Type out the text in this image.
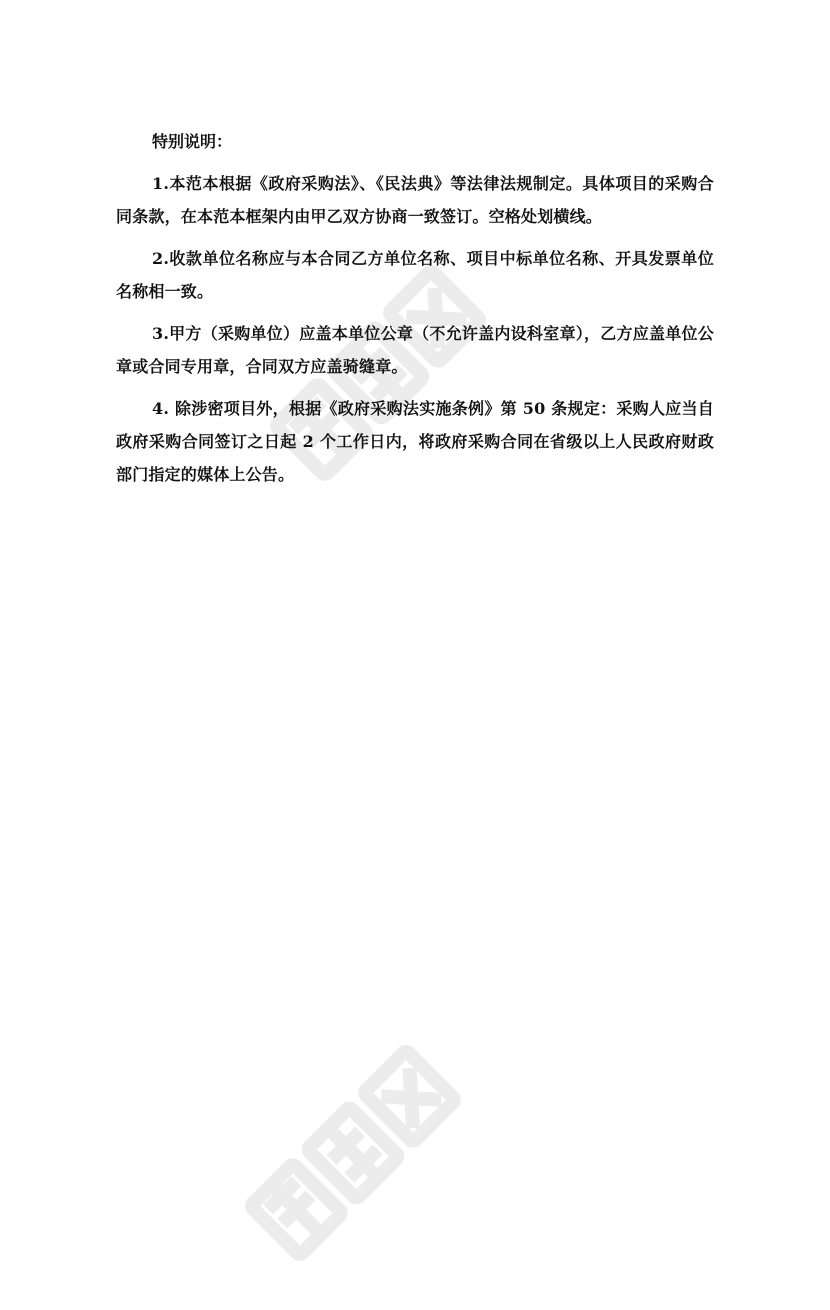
特别说明：

1.本范本根据《政府采购法》、《民法典》等法律法规制定。具体项目的采购合同条款，在本范本框架内由甲乙双方协商一致签订。空格处划横线。

2.收款单位名称应与本合同乙方单位名称、项目中标单位名称、开具发票单位名称相一致。

3.甲方（采购单位）应盖本单位公章（不允许盖内设科室章），乙方应盖单位公章或合同专用章，合同双方应盖骑缝章。

4. 除涉密项目外，根据《政府采购法实施条例》第 50 条规定：采购人应当自政府采购合同签订之日起 2 个工作日内，将政府采购合同在省级以上人民政府财政部门指定的媒体上公告。
